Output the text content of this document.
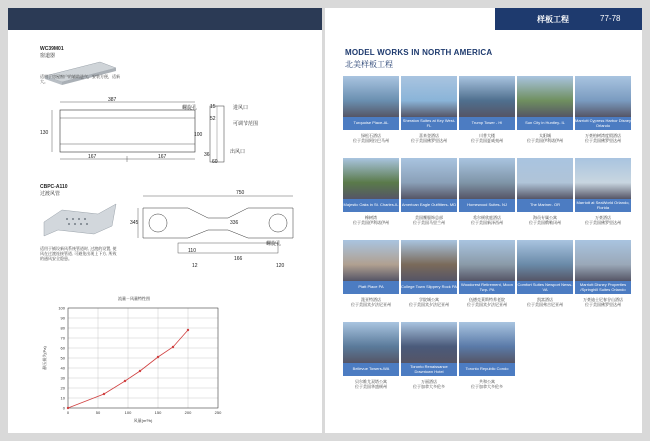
WC39M01
窗道器
适用于房屋窗户的辅助进气，安装方便，适新大。
387
130
167	167
螺旋孔	15	进风口
52
可调节范围
100
36	出风口
60
CBPC-A110
过渡风管
适用于铺设新风系统管道时, 过渡的设置, 使风在过渡连接管道, 可避免出现上下方, 所致的通风安全隐患。
750
345	336
螺旋孔
110
166
12	120
流量－风量特性图
0
10
20
30
40
50
60
70
80
90
100
0	50	100	150	200	250
风量(m³/h)
静压损失(Pa)
样板工程	77-78
MODEL WORKS IN NORTH AMERICA
北美样板工程
Turquoise Place-AL
绿松石酒店
位于美国阿拉巴马州
Sheraton Suites at Key West- FL
喜来登酒店
位于美国佛罗里达州
Trump Tower - HI
川普大楼
位于美国夏威夷州
Sun City in Huntley- IL
太阳城
位于美国伊利诺伊州
Marriott Cypress Harbor Disney Orlando
万豪柏树湾度假酒店
位于美国佛罗里达州
Majestic Oaks in St. Charles-IL
橡树湾
位于美国伊利诺伊州
American Eagle Outfitters- MD
美国鹰服饰总部
位于美国马里兰州
Homewood Suites- NJ
希尔顿欣庭酒店
位于美国新泽西州
The Mariner- OR
海员专属公寓
位于美国俄勒冈州
Marriott at SeaWorld Orlando, Florida
万豪酒店
位于美国佛罗里达州
Piatt Place PA
派亚特酒店
位于美国宾夕法尼亚州
College Town Slippery Rock PA
学院城公寓
位于美国宾夕法尼亚州
Woodcrest Retirement, Moon Twp- PA
伍德克莱斯特养老院
位于美国宾夕法尼亚州
Comfort Suites Newport News- VA
凯富酒店
位于美国弗吉尼亚州
Marriott Disney Properties /Springhill Suites Orlando
万豪迪士尼春谷山酒店
位于美国佛罗里达州
Bellevue Towers-WA
贝尔维尤双塔公寓
位于美国华盛顿州
Toronto Renaissance Downtown Hotel
万丽酒店
位于加拿大多伦多
Toronto Republic Condo
共和公寓
位于加拿大多伦多
